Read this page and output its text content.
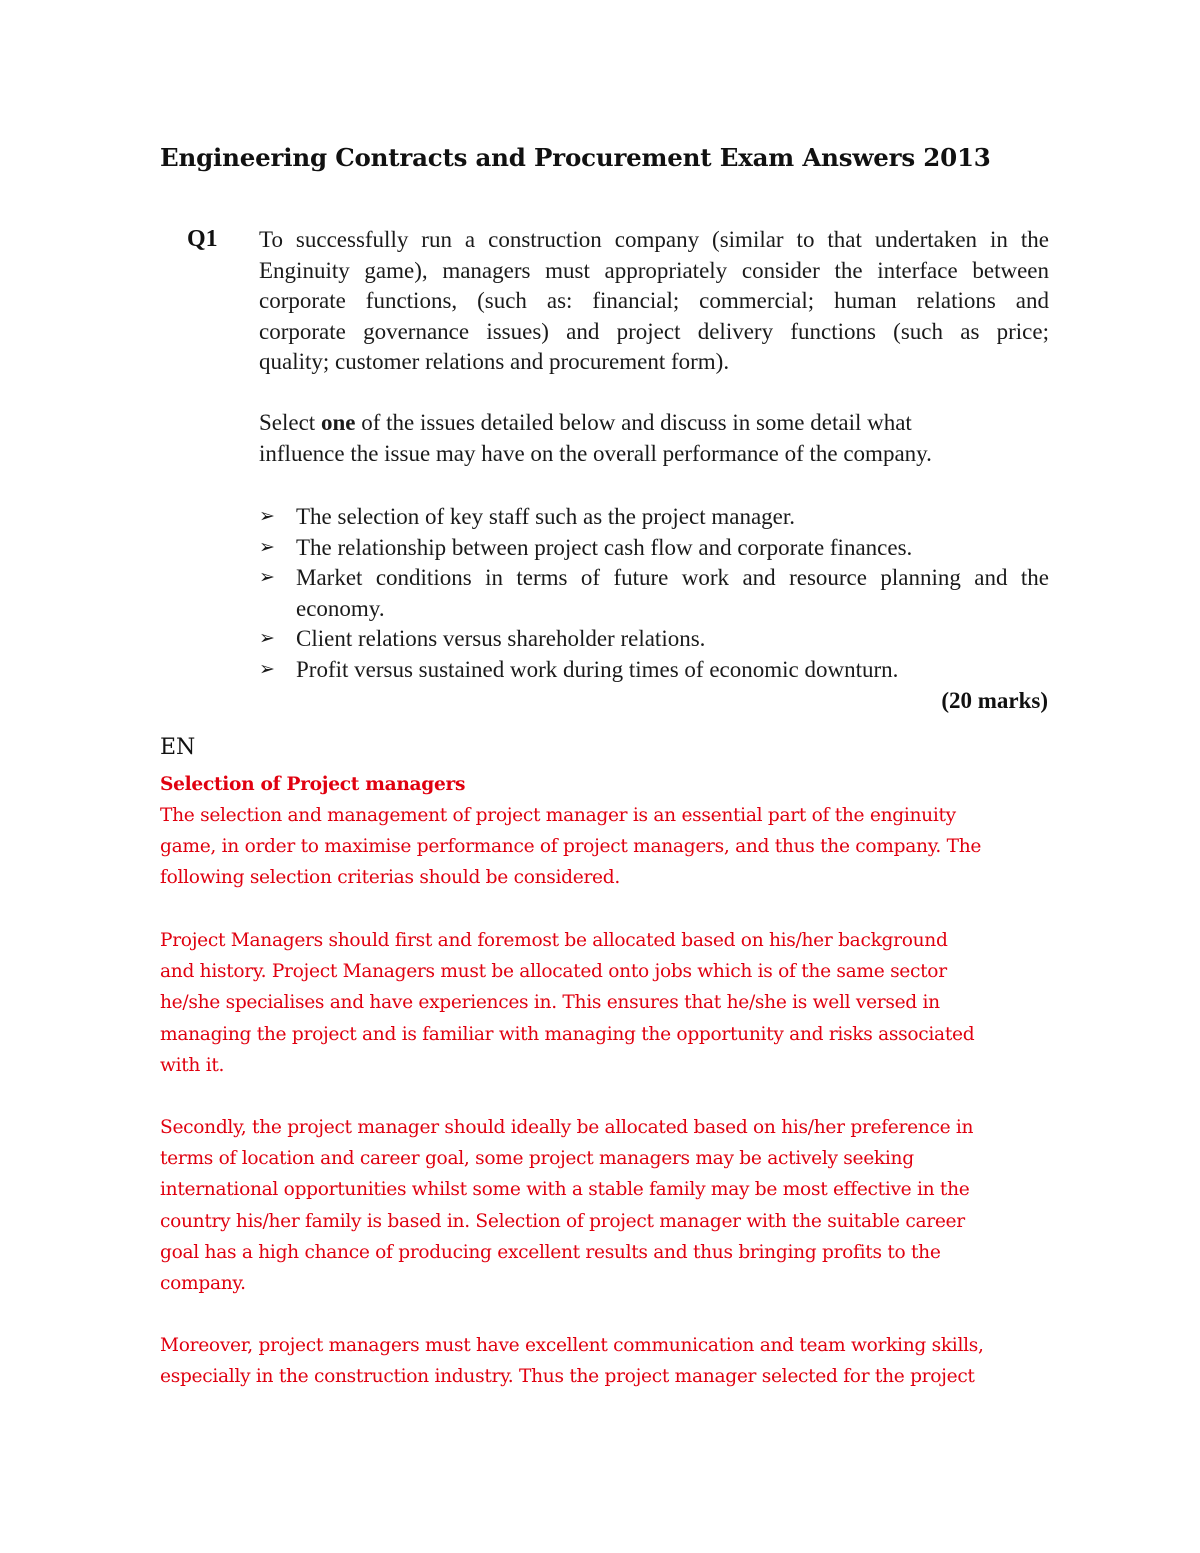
Engineering Contracts and Procurement Exam Answers 2013
Q1 To successfully run a construction company (similar to that undertaken in the
Enginuity game), managers must appropriately consider the interface between
corporate functions, (such as: financial; commercial; human relations and
corporate governance issues) and project delivery functions (such as price;
quality; customer relations and procurement form).
Select one of the issues detailed below and discuss in some detail what
influence the issue may have on the overall performance of the company.
➢ The selection of key staff such as the project manager.
➢ The relationship between project cash flow and corporate finances.
➢ Market conditions in terms of future work and resource planning and the economy.
➢ Client relations versus shareholder relations.
➢ Profit versus sustained work during times of economic downturn.
(20 marks)
EN
Selection of Project managers
The selection and management of project manager is an essential part of the enginuity
game, in order to maximise performance of project managers, and thus the company. The
following selection criterias should be considered.
Project Managers should first and foremost be allocated based on his/her background
and history. Project Managers must be allocated onto jobs which is of the same sector
he/she specialises and have experiences in. This ensures that he/she is well versed in
managing the project and is familiar with managing the opportunity and risks associated
with it.
Secondly, the project manager should ideally be allocated based on his/her preference in
terms of location and career goal, some project managers may be actively seeking
international opportunities whilst some with a stable family may be most effective in the
country his/her family is based in. Selection of project manager with the suitable career
goal has a high chance of producing excellent results and thus bringing profits to the
company.
Moreover, project managers must have excellent communication and team working skills,
especially in the construction industry. Thus the project manager selected for the project
